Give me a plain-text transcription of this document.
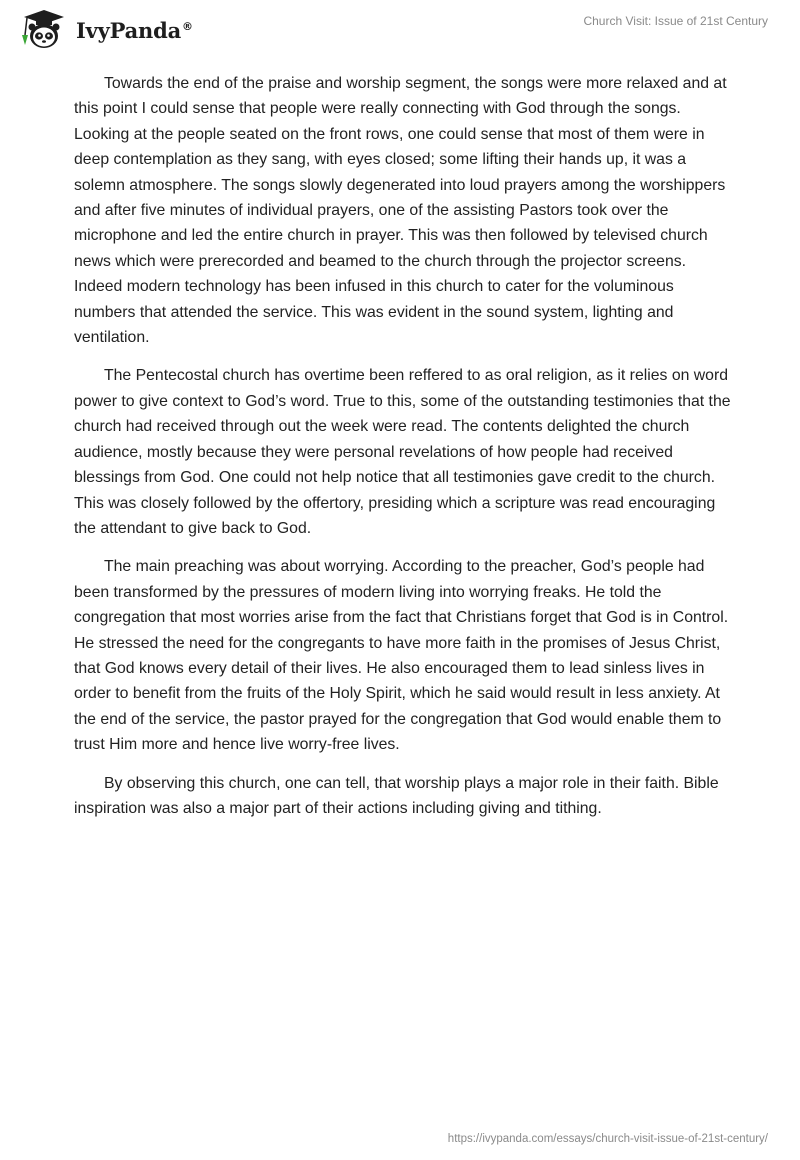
IvyPanda®	Church Visit: Issue of 21st Century

Towards the end of the praise and worship segment, the songs were more relaxed and at this point I could sense that people were really connecting with God through the songs. Looking at the people seated on the front rows, one could sense that most of them were in deep contemplation as they sang, with eyes closed; some lifting their hands up, it was a solemn atmosphere. The songs slowly degenerated into loud prayers among the worshippers and after five minutes of individual prayers, one of the assisting Pastors took over the microphone and led the entire church in prayer. This was then followed by televised church news which were prerecorded and beamed to the church through the projector screens. Indeed modern technology has been infused in this church to cater for the voluminous numbers that attended the service. This was evident in the sound system, lighting and ventilation.

The Pentecostal church has overtime been reffered to as oral religion, as it relies on word power to give context to God’s word. True to this, some of the outstanding testimonies that the church had received through out the week were read. The contents delighted the church audience, mostly because they were personal revelations of how people had received blessings from God. One could not help notice that all testimonies gave credit to the church. This was closely followed by the offertory, presiding which a scripture was read encouraging the attendant to give back to God.

The main preaching was about worrying. According to the preacher, God’s people had been transformed by the pressures of modern living into worrying freaks. He told the congregation that most worries arise from the fact that Christians forget that God is in Control. He stressed the need for the congregants to have more faith in the promises of Jesus Christ, that God knows every detail of their lives. He also encouraged them to lead sinless lives in order to benefit from the fruits of the Holy Spirit, which he said would result in less anxiety. At the end of the service, the pastor prayed for the congregation that God would enable them to trust Him more and hence live worry-free lives.

By observing this church, one can tell, that worship plays a major role in their faith. Bible inspiration was also a major part of their actions including giving and tithing.

https://ivypanda.com/essays/church-visit-issue-of-21st-century/
